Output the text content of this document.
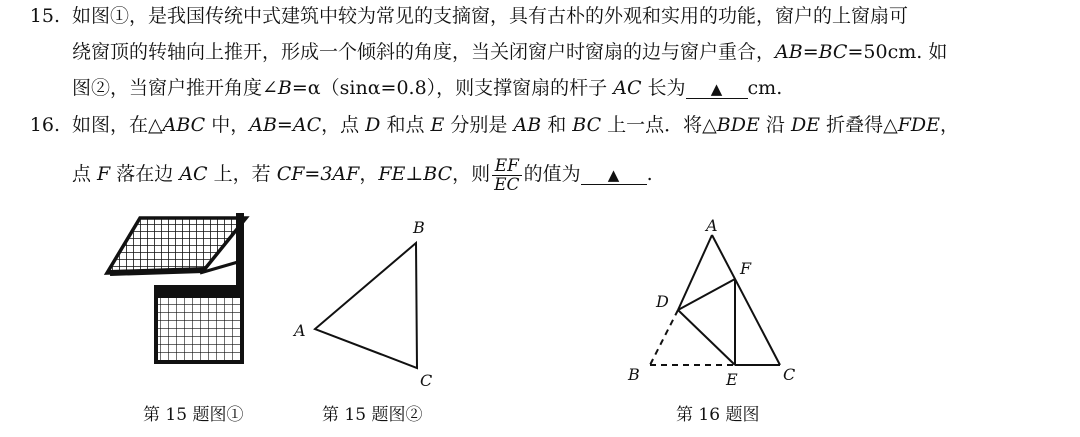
15. 如图①，是我国传统中式建筑中较为常见的支摘窗，具有古朴的外观和实用的功能，窗户的上窗扇可
绕窗顶的转轴向上推开，形成一个倾斜的角度，当关闭窗户时窗扇的边与窗户重合，AB=BC=50cm. 如
图②，当窗户推开角度∠B=α（sinα=0.8），则支撑窗扇的杆子 AC 长为 ▲ cm.
16. 如图，在△ABC 中，AB=AC，点 D 和点 E 分别是 AB 和 BC 上一点．将△BDE 沿 DE 折叠得△FDE，
点 F 落在边 AC 上，若 CF=3AF，FE⊥BC，则 $\frac{EF}{EC}$ 的值为 ▲ .
B
A
C
A
F
D
B	E	C
第 15 题图①	第 15 题图②	第 16 题图
